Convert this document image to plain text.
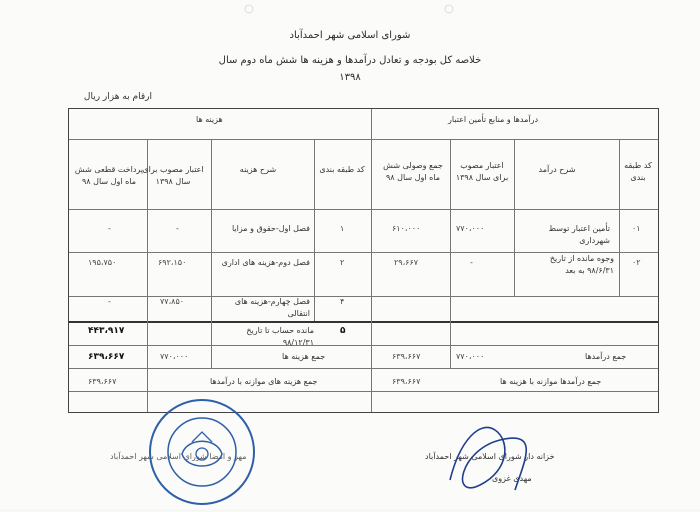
شورای اسلامی شهر احمدآباد
خلاصه کل بودجه و تعادل درآمدها و هزینه ها شش ماه دوم سال
۱۳۹۸
ارقام به هزار ریال
درآمدها و منابع تأمین اعتبار
هزینه ها
کد طبقه بندی
شرح درآمد
اعتبار مصوب برای سال ۱۳۹۸
جمع وصولی شش ماه اول سال ۹۸
کد طبقه بندی
شرح هزینه
اعتبار مصوب برای سال ۱۳۹۸
پرداخت قطعی شش ماه اول سال ۹۸
۰۱
تأمین اعتبار توسط شهرداری
۷۷۰،۰۰۰
۶۱۰،۰۰۰
۰۲
وجوه مانده از تاریخ ۹۸/۶/۳۱ به بعد
-
۲۹،۶۶۷
۱
فصل اول-حقوق و مزایا
-
-
۲
فصل دوم-هزینه های اداری
۶۹۲،۱۵۰
۱۹۵،۷۵۰
۴
فصل چهارم-هزینه های انتقالی
۷۷،۸۵۰
-
۵
مانده حساب تا تاریخ ۹۸/۱۲/۳۱
۴۴۳،۹۱۷
جمع درآمدها
۷۷۰،۰۰۰
۶۳۹،۶۶۷
جمع هزینه ها
۷۷۰،۰۰۰
۶۳۹،۶۶۷
جمع درآمدها موازنه با هزینه ها
۶۳۹،۶۶۷
جمع هزینه های موازنه با درآمدها
۶۳۹،۶۶۷
خزانه دار شورای اسلامی شهر احمدآباد
مهدی غزوی
مهر و امضا شورای اسلامی شهر احمدآباد
